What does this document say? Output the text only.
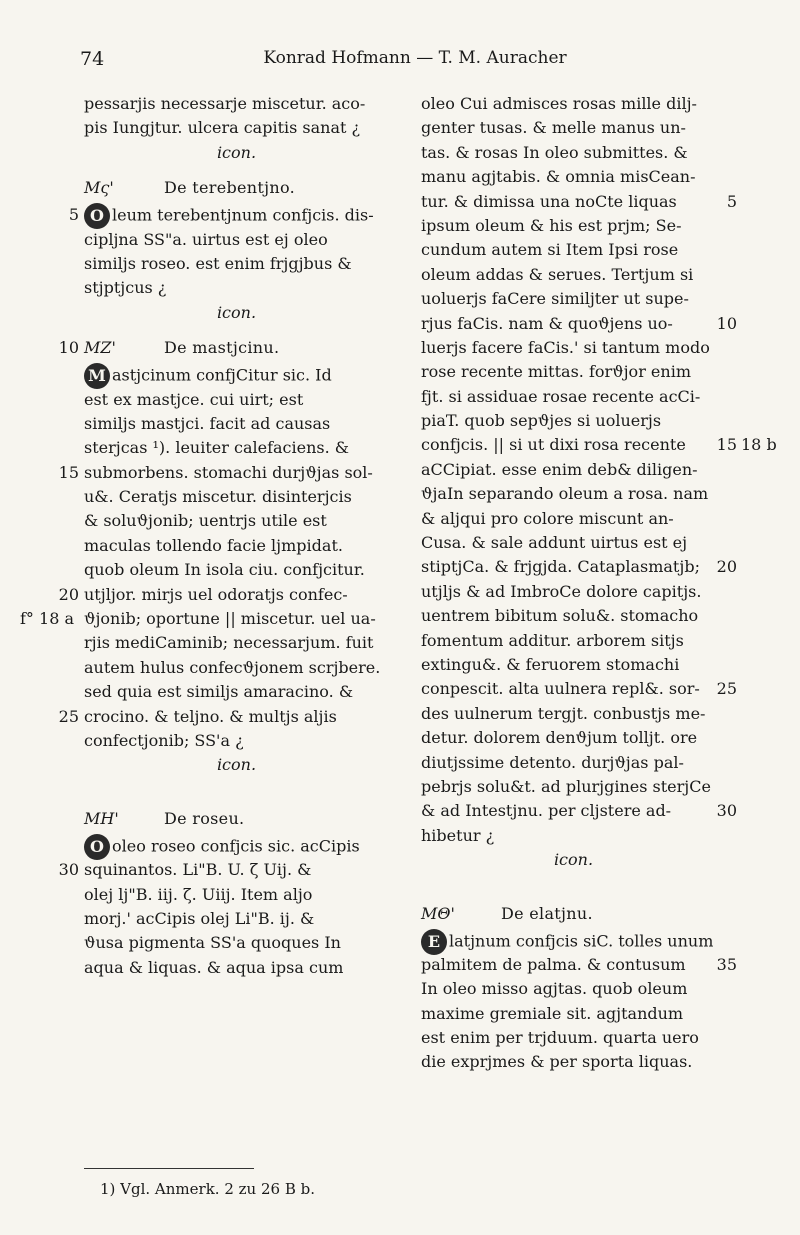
74	Konrad Hofmann — T. M. Auracher
pessarjis necessarje miscetur. aco-
pis Iungjtur. ulcera capitis sanat ¿
icon.
Mς'	De terebentjno.
5 O leum terebentjnum confjcis. dis-
cipljna SS"a. uirtus est ej oleo
similjs roseo. est enim frjgjbus &
stjptjcus ¿
icon.
10 MZ'	De mastjcinu.
M astjcinum confjCitur sic. Id
est ex mastjce. cui uirt; est
similjs mastjci. facit ad causas
sterjcas ¹). leuiter calefaciens. &
15 submorbens. stomachi durjϑjas sol-
u&. Ceratjs miscetur. disinterjcis
& soluϑjonib; uentrjs utile est
maculas tollendo facie ljmpidat.
quob oleum In isola ciu. confjcitur.
20 utjljor. mirjs uel odoratjs confec-
f° 18 a ϑjonib; oportune || miscetur. uel ua-
rjis mediCaminib; necessarjum. fuit
autem hulus confecϑjonem scrjbere.
sed quia est similjs amaracino. &
25 crocino. & teljno. & multjs aljis
confectjonib; SS'a ¿
icon.
MH'	De roseu.
O oleo roseo confjcis sic. acCipis
30 squinantos. Li"B. U. ζ Uij. &
olej lj"B. iij. ζ. Uiij. Item aljo
morj.' acCipis olej Li"B. ij. &
ϑusa pigmenta SS'a quoques In
aqua & liquas. & aqua ipsa cum
oleo Cui admisces rosas mille dilj-
genter tusas. & melle manus un-
tas. & rosas In oleo submittes. &
manu agjtabis. & omnia misCean-
tur. & dimissa una noCte liquas	5
ipsum oleum & his est prjm; Se-
cundum autem si Item Ipsi rose
oleum addas & serues. Tertjum si
uoluerjs faCere similjter ut supe-
rjus faCis. nam & quoϑjens uo-	10
luerjs facere faCis.' si tantum modo
rose recente mittas. forϑjor enim
fjt. si assiduae rosae recente acCi-
piaT. quob sepϑjes si uoluerjs
confjcis. || si ut dixi rosa recente 15 18 b
aCCipiat. esse enim deb& diligen-
ϑjaIn separando oleum a rosa. nam
& aljqui pro colore miscunt an-
Cusa. & sale addunt uirtus est ej
stiptjCa. & frjgjda. Cataplasmatjb; 20
utjljs & ad ImbroCe dolore capitjs.
uentrem bibitum solu&. stomacho
fomentum additur. arborem sitjs
extingu&. & feruorem stomachi
conpescit. alta uulnera repl&. sor- 25
des uulnerum tergjt. conbustjs me-
detur. dolorem denϑjum tolljt. ore
diutjssime detento. durjϑjas pal-
pebrjs solu&t. ad plurjgines sterjCe
& ad Intestjnu. per cljstere ad-	30
hibetur ¿
icon.
MΘ'	De elatjnu.
E latjnum confjcis siC. tolles unum
palmitem de palma. & contusum 35
In oleo misso agjtas. quob oleum
maxime gremiale sit. agjtandum
est enim per trjduum. quarta uero
die exprjmes & per sporta liquas.
1) Vgl. Anmerk. 2 zu 26 B b.
